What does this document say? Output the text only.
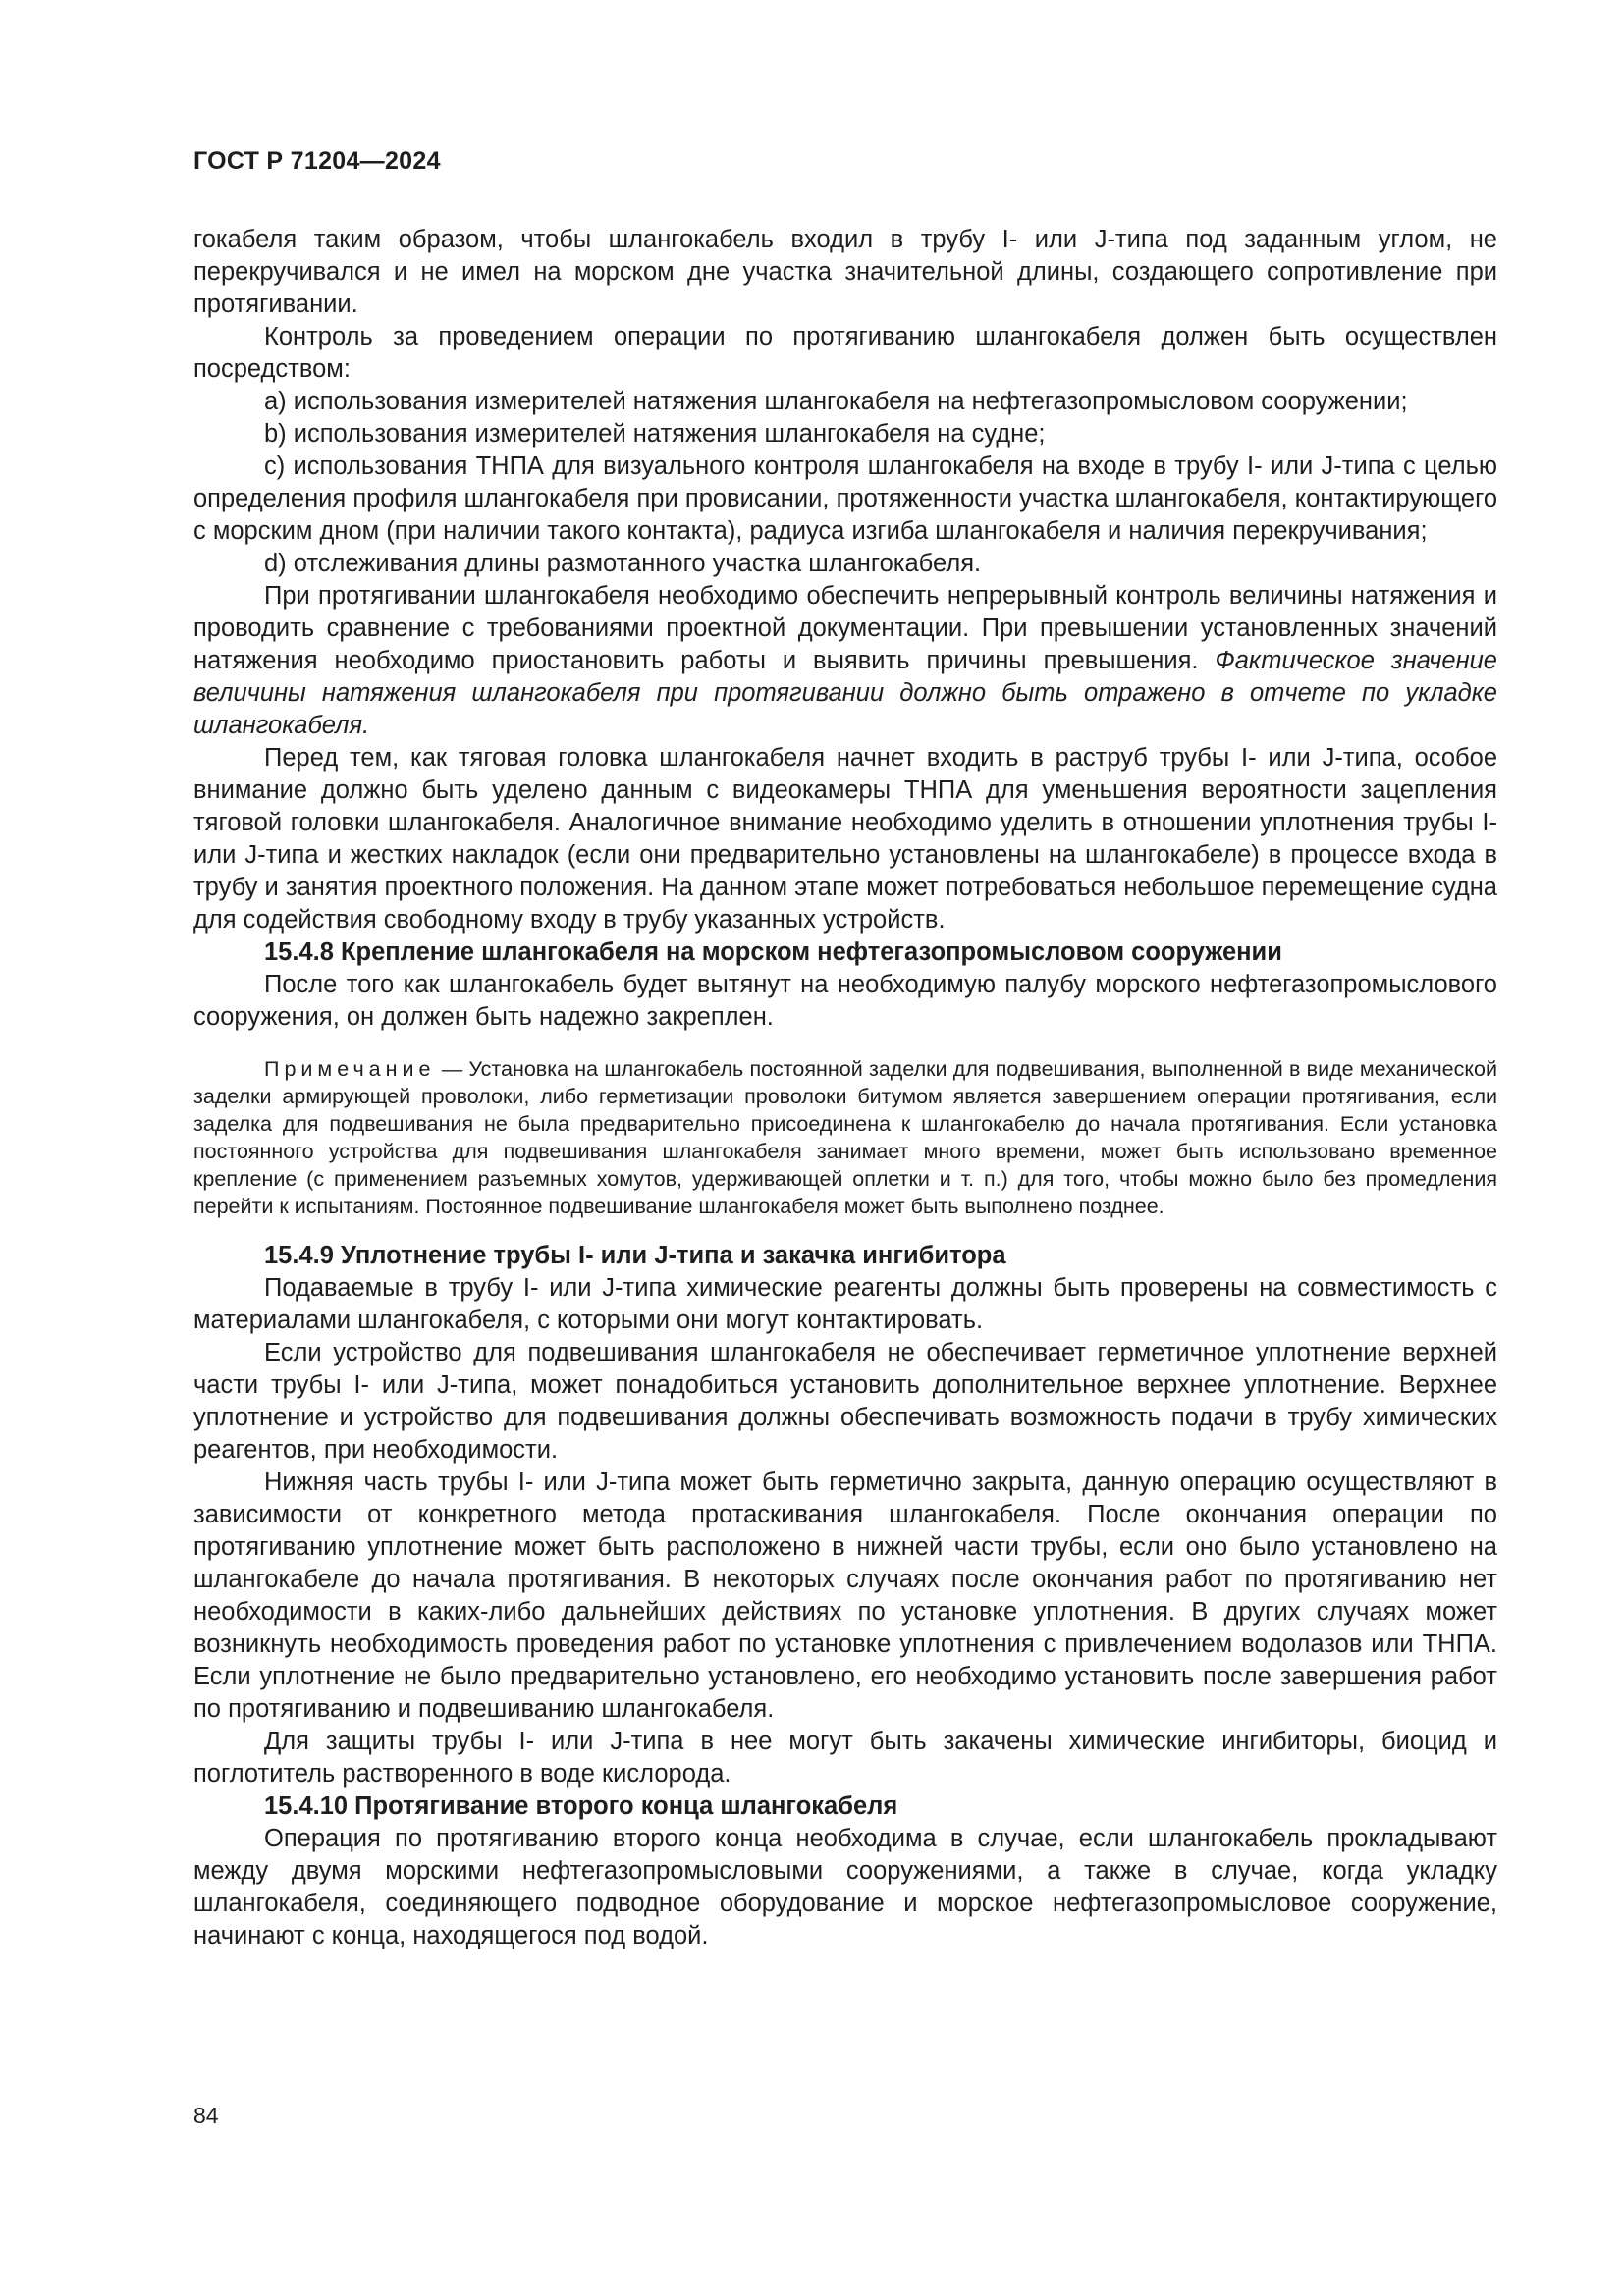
ГОСТ Р 71204—2024

гокабеля таким образом, чтобы шлангокабель входил в трубу I- или J-типа под заданным углом, не перекручивался и не имел на морском дне участка значительной длины, создающего сопротивление при протягивании.

Контроль за проведением операции по протягиванию шлангокабеля должен быть осуществлен посредством:

а) использования измерителей натяжения шлангокабеля на нефтегазопромысловом сооружении;

b) использования измерителей натяжения шлангокабеля на судне;

с) использования ТНПА для визуального контроля шлангокабеля на входе в трубу I- или J-типа с целью определения профиля шлангокабеля при провисании, протяженности участка шлангокабеля, контактирующего с морским дном (при наличии такого контакта), радиуса изгиба шлангокабеля и наличия перекручивания;

d) отслеживания длины размотанного участка шлангокабеля.

При протягивании шлангокабеля необходимо обеспечить непрерывный контроль величины натяжения и проводить сравнение с требованиями проектной документации. При превышении установленных значений натяжения необходимо приостановить работы и выявить причины превышения. Фактическое значение величины натяжения шлангокабеля при протягивании должно быть отражено в отчете по укладке шлангокабеля.

Перед тем, как тяговая головка шлангокабеля начнет входить в раструб трубы I- или J-типа, особое внимание должно быть уделено данным с видеокамеры ТНПА для уменьшения вероятности зацепления тяговой головки шлангокабеля. Аналогичное внимание необходимо уделить в отношении уплотнения трубы I- или J-типа и жестких накладок (если они предварительно установлены на шлангокабеле) в процессе входа в трубу и занятия проектного положения. На данном этапе может потребоваться небольшое перемещение судна для содействия свободному входу в трубу указанных устройств.

15.4.8 Крепление шлангокабеля на морском нефтегазопромысловом сооружении

После того как шлангокабель будет вытянут на необходимую палубу морского нефтегазопромыслового сооружения, он должен быть надежно закреплен.

Примечание — Установка на шлангокабель постоянной заделки для подвешивания, выполненной в виде механической заделки армирующей проволоки, либо герметизации проволоки битумом является завершением операции протягивания, если заделка для подвешивания не была предварительно присоединена к шлангокабелю до начала протягивания. Если установка постоянного устройства для подвешивания шлангокабеля занимает много времени, может быть использовано временное крепление (с применением разъемных хомутов, удерживающей оплетки и т. п.) для того, чтобы можно было без промедления перейти к испытаниям. Постоянное подвешивание шлангокабеля может быть выполнено позднее.

15.4.9 Уплотнение трубы I- или J-типа и закачка ингибитора

Подаваемые в трубу I- или J-типа химические реагенты должны быть проверены на совместимость с материалами шлангокабеля, с которыми они могут контактировать.

Если устройство для подвешивания шлангокабеля не обеспечивает герметичное уплотнение верхней части трубы I- или J-типа, может понадобиться установить дополнительное верхнее уплотнение. Верхнее уплотнение и устройство для подвешивания должны обеспечивать возможность подачи в трубу химических реагентов, при необходимости.

Нижняя часть трубы I- или J-типа может быть герметично закрыта, данную операцию осуществляют в зависимости от конкретного метода протаскивания шлангокабеля. После окончания операции по протягиванию уплотнение может быть расположено в нижней части трубы, если оно было установлено на шлангокабеле до начала протягивания. В некоторых случаях после окончания работ по протягиванию нет необходимости в каких-либо дальнейших действиях по установке уплотнения. В других случаях может возникнуть необходимость проведения работ по установке уплотнения с привлечением водолазов или ТНПА. Если уплотнение не было предварительно установлено, его необходимо установить после завершения работ по протягиванию и подвешиванию шлангокабеля.

Для защиты трубы I- или J-типа в нее могут быть закачены химические ингибиторы, биоцид и поглотитель растворенного в воде кислорода.

15.4.10 Протягивание второго конца шлангокабеля

Операция по протягиванию второго конца необходима в случае, если шлангокабель прокладывают между двумя морскими нефтегазопромысловыми сооружениями, а также в случае, когда укладку шлангокабеля, соединяющего подводное оборудование и морское нефтегазопромысловое сооружение, начинают с конца, находящегося под водой.

84
